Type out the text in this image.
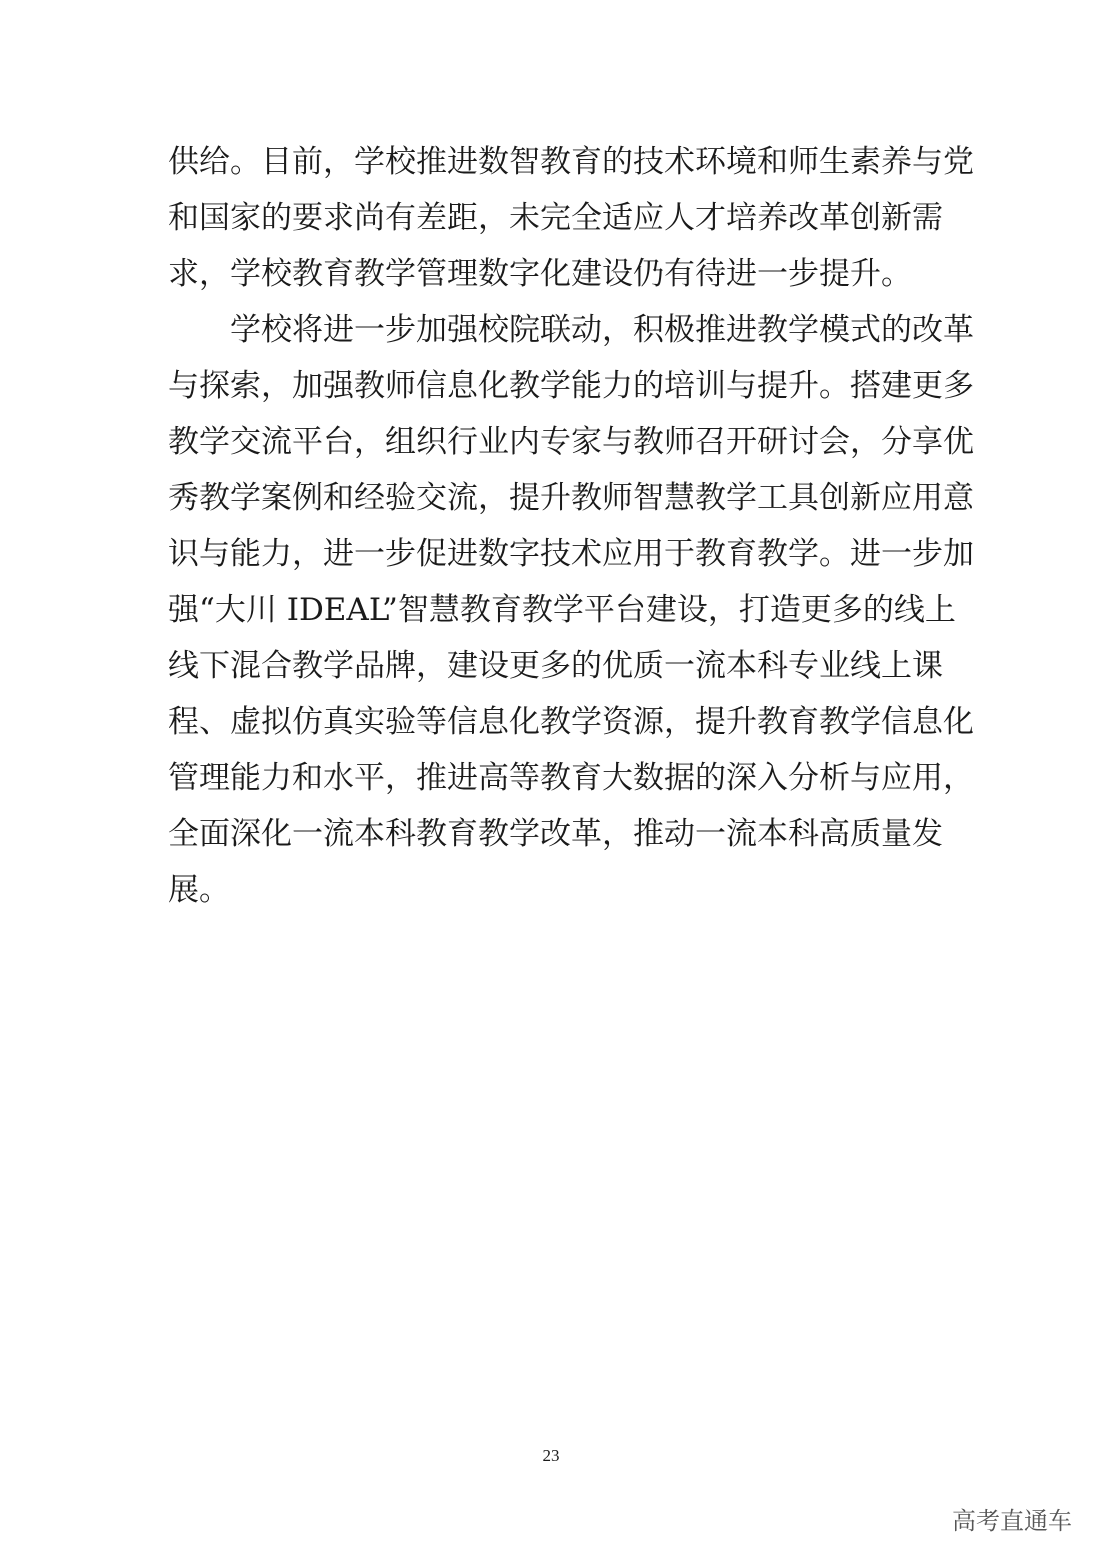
供给。目前，学校推进数智教育的技术环境和师生素养与党
和国家的要求尚有差距，未完全适应人才培养改革创新需
求，学校教育教学管理数字化建设仍有待进一步提升。
学校将进一步加强校院联动，积极推进教学模式的改革
与探索，加强教师信息化教学能力的培训与提升。搭建更多
教学交流平台，组织行业内专家与教师召开研讨会，分享优
秀教学案例和经验交流，提升教师智慧教学工具创新应用意
识与能力，进一步促进数字技术应用于教育教学。进一步加
强“大川 IDEAL”智慧教育教学平台建设，打造更多的线上
线下混合教学品牌，建设更多的优质一流本科专业线上课
程、虚拟仿真实验等信息化教学资源，提升教育教学信息化
管理能力和水平，推进高等教育大数据的深入分析与应用，
全面深化一流本科教育教学改革，推动一流本科高质量发
展。
23
高考直通车
